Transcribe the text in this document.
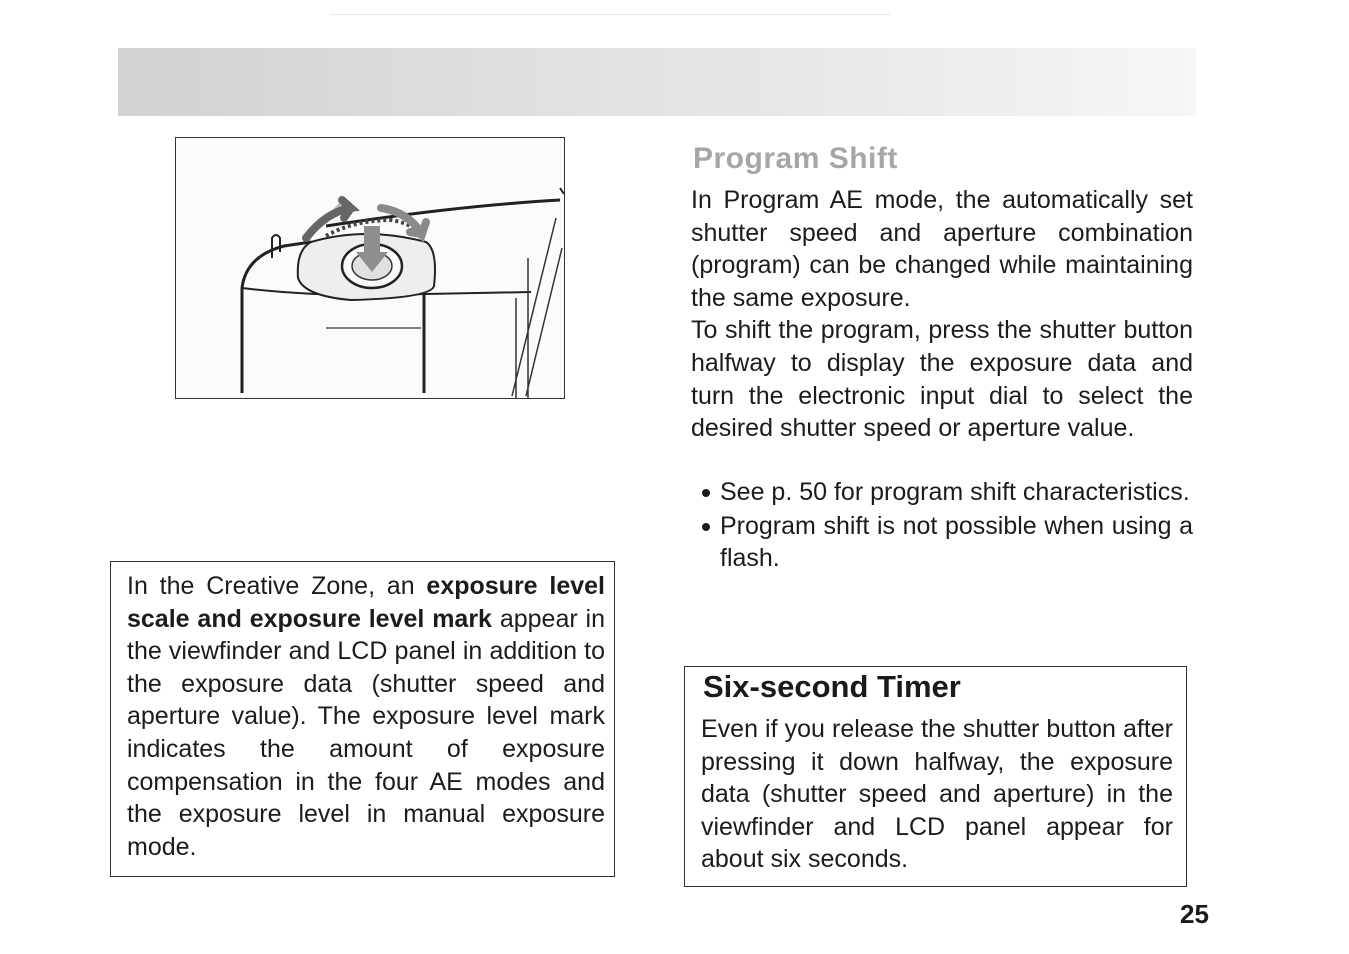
In the Creative Zone, an exposure level scale and exposure level mark appear in the viewfinder and LCD panel in addition to the exposure data (shutter speed and aperture value). The exposure level mark indicates the amount of exposure compensation in the four AE modes and the exposure level in manual exposure mode.

Program Shift

In Program AE mode, the automatically set shutter speed and aperture combination (program) can be changed while maintaining the same exposure.

To shift the program, press the shutter button halfway to display the exposure data and turn the electronic input dial to select the desired shutter speed or aperture value.

See p. 50 for program shift characteristics.
Program shift is not possible when using a flash.
Six-second Timer

Even if you release the shutter button after pressing it down halfway, the exposure data (shutter speed and aperture) in the viewfinder and LCD panel appear for about six seconds.

25
